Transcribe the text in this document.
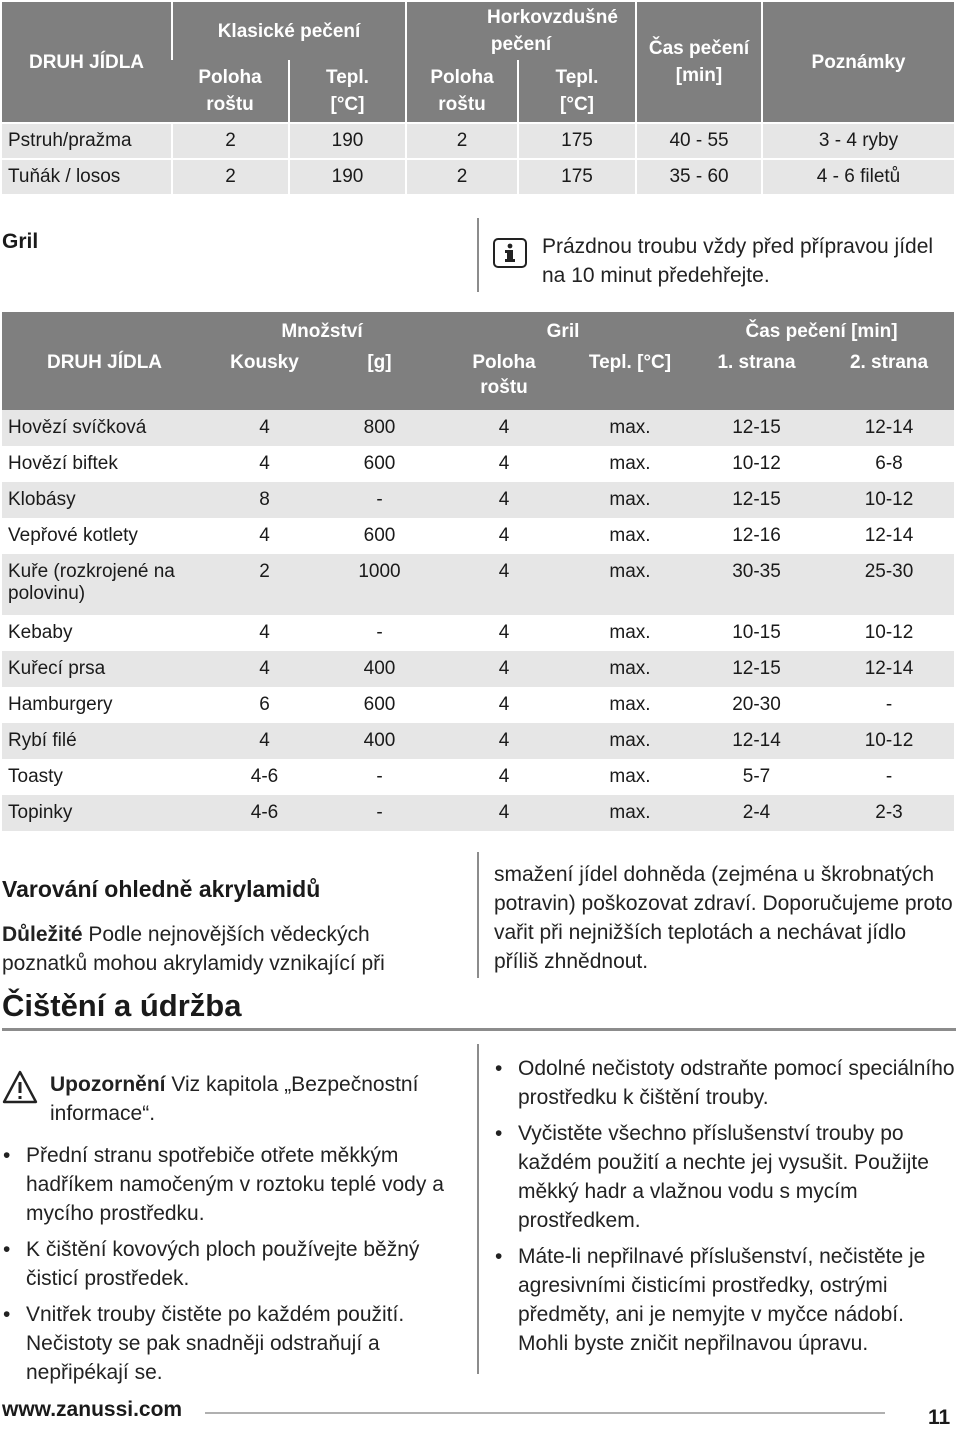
DRUH JÍDLA	Klasické pečení		Horkovzdušné pečení		Čas pečení [min]	Poznámky
	Poloha roštu	Tepl. [°C]	Poloha roštu	Tepl. [°C]		
Pstruh/pražma	2	190	2	175	40 - 55	3 - 4 ryby
Tuňák / losos	2	190	2	175	35 - 60	4 - 6 filetů
Gril	Prázdnou troubu vždy před přípravou jídel na 10 minut předehřejte.
	Množství		Gril		Čas pečení [min]	
DRUH JÍDLA	Kousky	[g]	Poloha roštu	Tepl. [°C]	1. strana	2. strana
Hovězí svíčková	4	800	4	max.	12-15	12-14
Hovězí biftek	4	600	4	max.	10-12	6-8
Klobásy	8	-	4	max.	12-15	10-12
Vepřové kotlety	4	600	4	max.	12-16	12-14
Kuře (rozkrojené na polovinu)	2	1000	4	max.	30-35	25-30
Kebaby	4	-	4	max.	10-15	10-12
Kuřecí prsa	4	400	4	max.	12-15	12-14
Hamburgery	6	600	4	max.	20-30	-
Rybí filé	4	400	4	max.	12-14	10-12
Toasty	4-6	-	4	max.	5-7	-
Topinky	4-6	-	4	max.	2-4	2-3
Varování ohledně akrylamidů
Důležité Podle nejnovějších vědeckých poznatků mohou akrylamidy vznikající při
smažení jídel dohněda (zejména u škrobnatých potravin) poškozovat zdraví. Doporučujeme proto vařit při nejnižších teplotách a nechávat jídlo příliš zhnědnout.
Čištění a údržba
Upozornění Viz kapitola „Bezpečnostní informace“.
• Přední stranu spotřebiče otřete měkkým hadříkem namočeným v roztoku teplé vody a mycího prostředku.
• K čištění kovových ploch používejte běžný čisticí prostředek.
• Vnitřek trouby čistěte po každém použití. Nečistoty se pak snadněji odstraňují a nepřipékají se.
• Odolné nečistoty odstraňte pomocí speciálního prostředku k čištění trouby.
• Vyčistěte všechno příslušenství trouby po každém použití a nechte jej vysušit. Použijte měkký hadr a vlažnou vodu s mycím prostředkem.
• Máte-li nepřilnavé příslušenství, nečistěte je agresivními čisticími prostředky, ostrými předměty, ani je nemyjte v myčce nádobí. Mohli byste zničit nepřilnavou úpravu.
www.zanussi.com	11
